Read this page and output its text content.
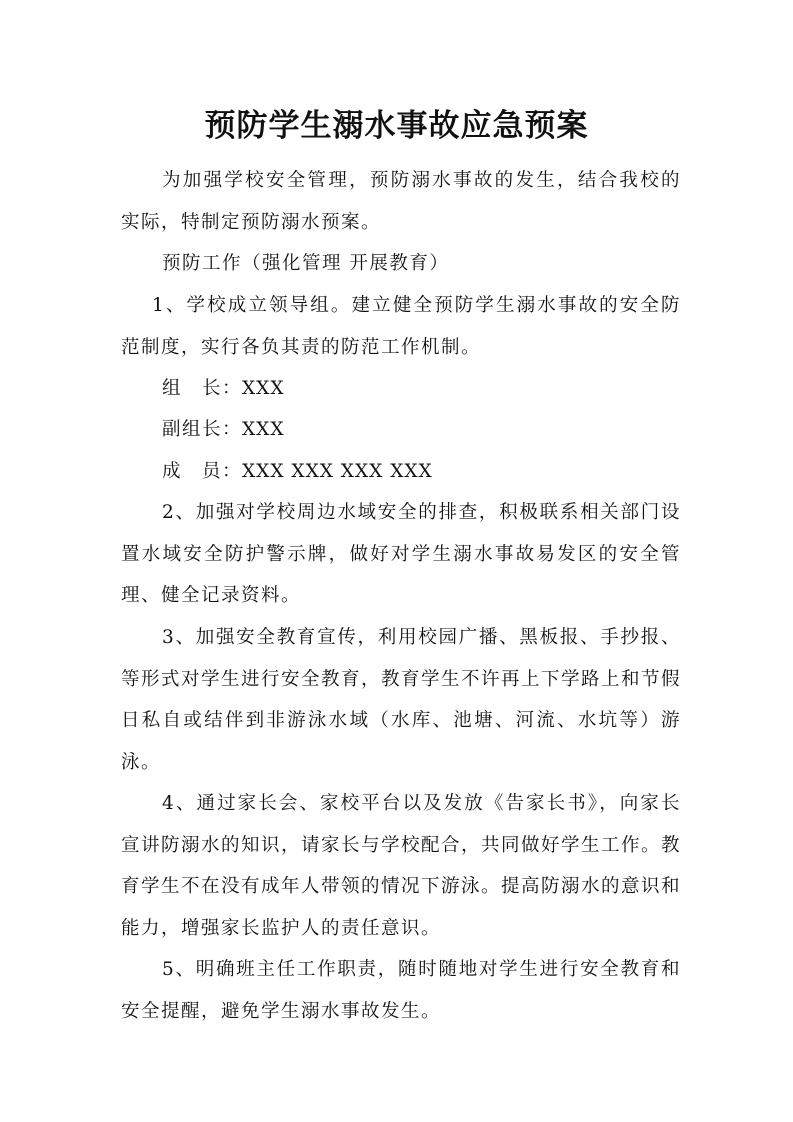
预防学生溺水事故应急预案

为加强学校安全管理，预防溺水事故的发生，结合我校的实际，特制定预防溺水预案。

预防工作（强化管理 开展教育）

1、学校成立领导组。建立健全预防学生溺水事故的安全防范制度，实行各负其责的防范工作机制。

组　长：XXX
副组长：XXX
成　员：XXX XXX XXX XXX

2、加强对学校周边水域安全的排查，积极联系相关部门设置水域安全防护警示牌，做好对学生溺水事故易发区的安全管理、健全记录资料。

3、加强安全教育宣传，利用校园广播、黑板报、手抄报、等形式对学生进行安全教育，教育学生不许再上下学路上和节假日私自或结伴到非游泳水域（水库、池塘、河流、水坑等）游泳。

4、通过家长会、家校平台以及发放《告家长书》，向家长宣讲防溺水的知识，请家长与学校配合，共同做好学生工作。教育学生不在没有成年人带领的情况下游泳。提高防溺水的意识和能力，增强家长监护人的责任意识。

5、明确班主任工作职责，随时随地对学生进行安全教育和安全提醒，避免学生溺水事故发生。
